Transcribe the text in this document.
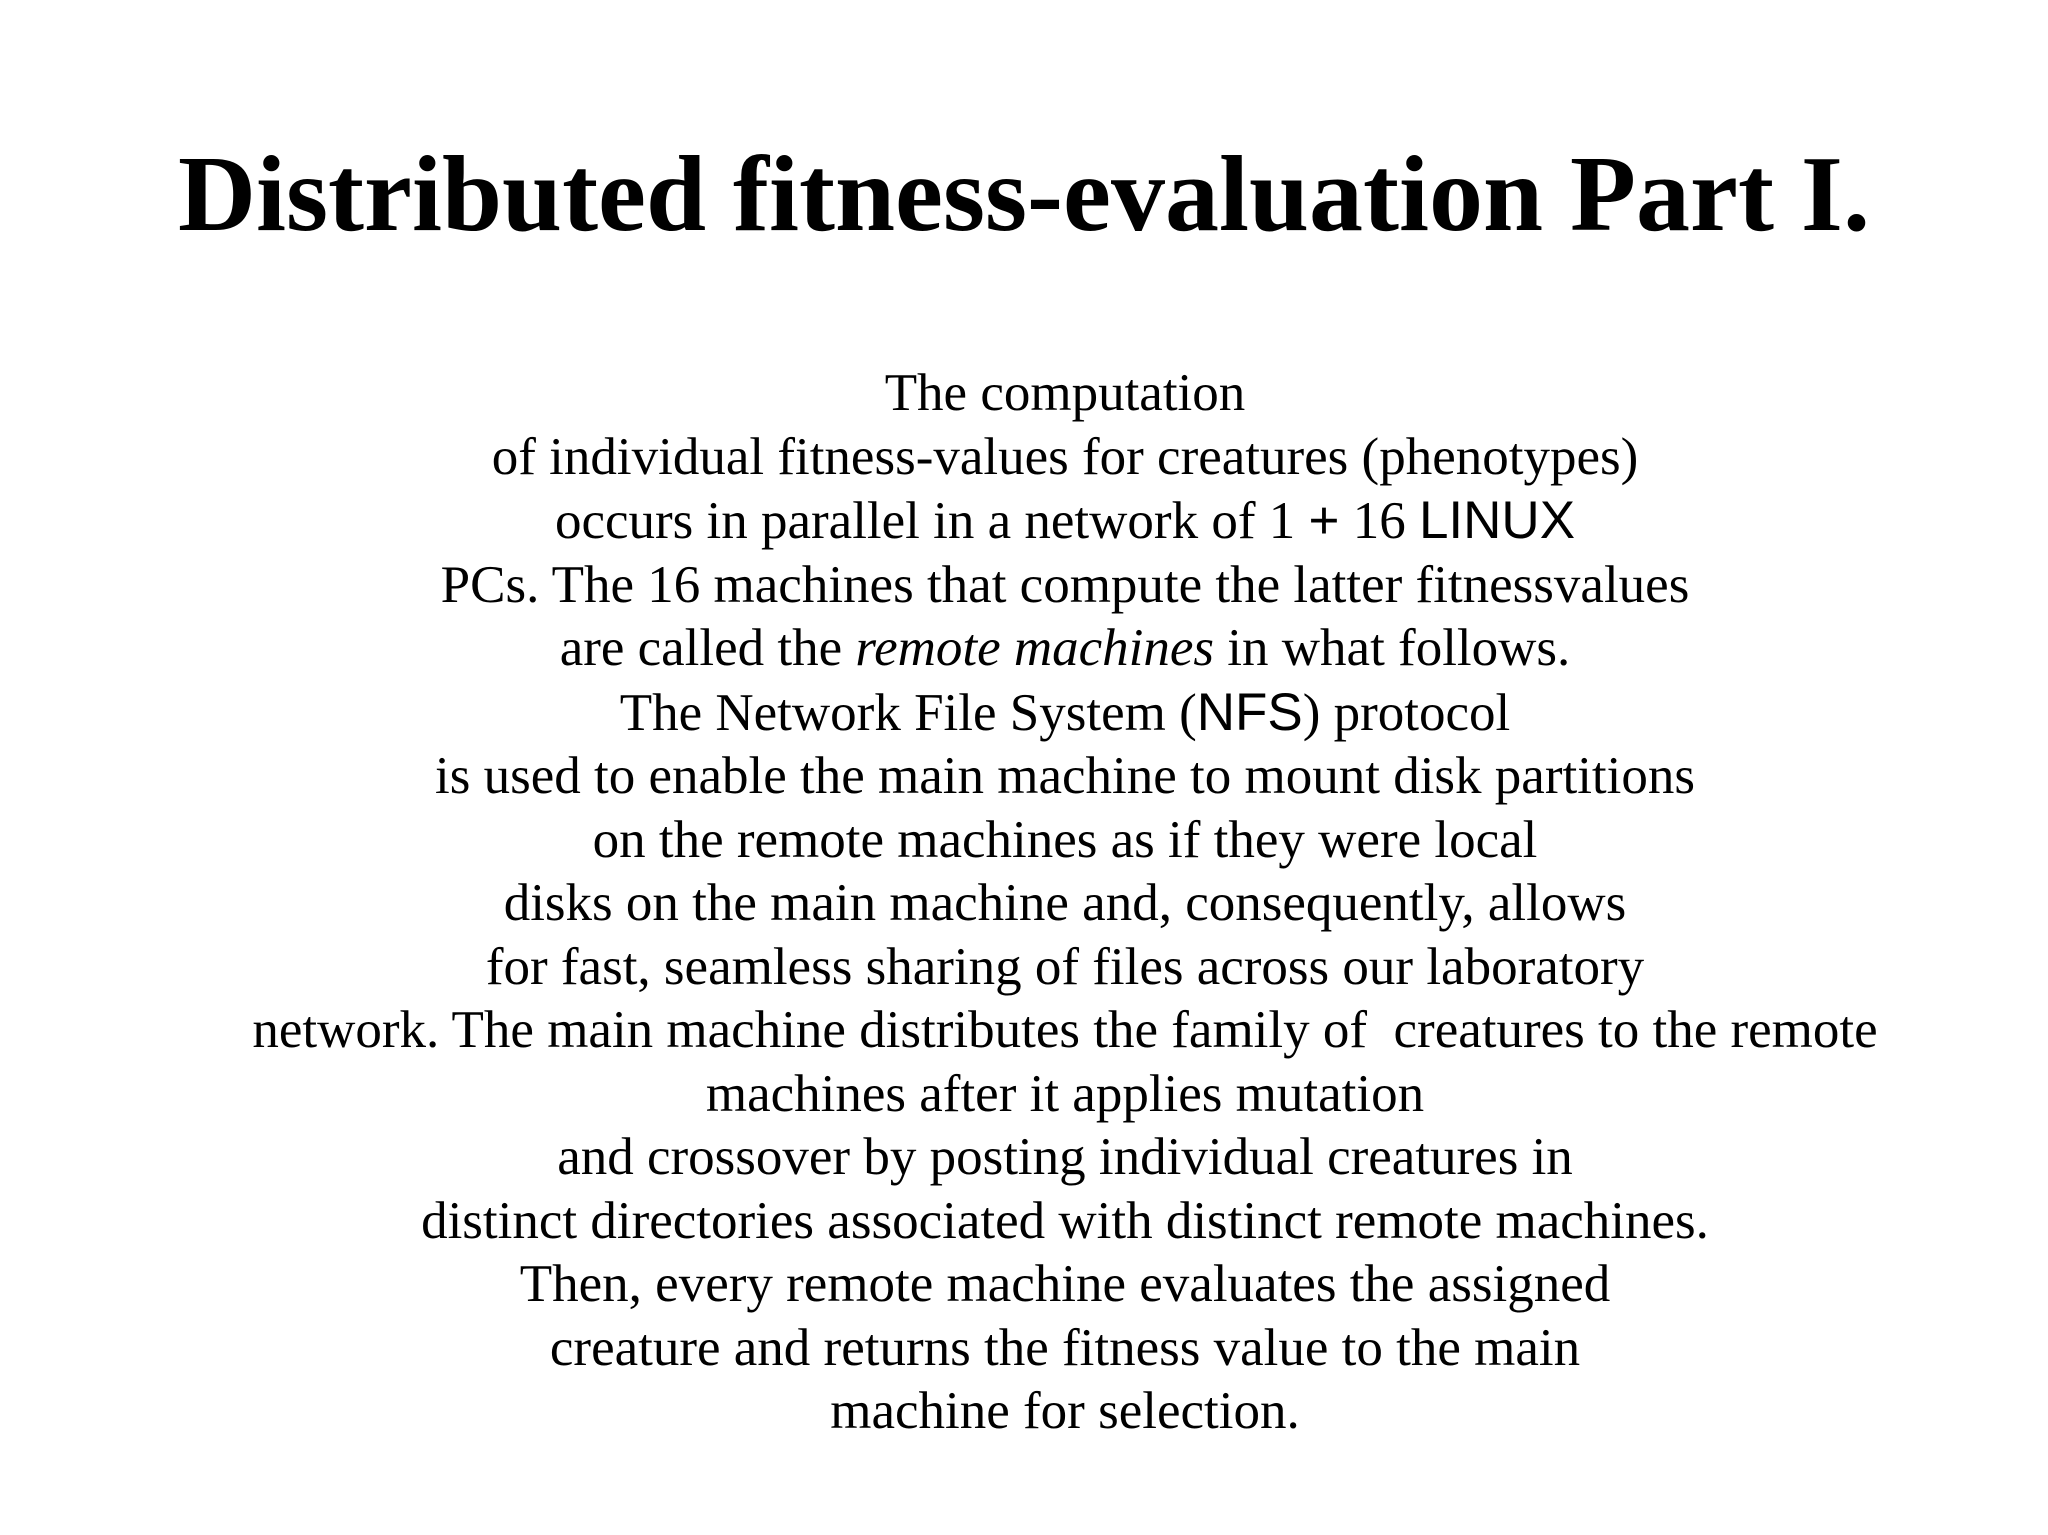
Distributed fitness-evaluation Part I.
The computation
of individual fitness-values for creatures (phenotypes)
occurs in parallel in a network of 1 + 16 LINUX
PCs. The 16 machines that compute the latter fitnessvalues
are called the remote machines in what follows.
The Network File System (NFS) protocol
is used to enable the main machine to mount disk partitions
on the remote machines as if they were local
disks on the main machine and, consequently, allows
for fast, seamless sharing of files across our laboratory
network. The main machine distributes the family of  creatures to the remote
machines after it applies mutation
and crossover by posting individual creatures in
distinct directories associated with distinct remote machines.
Then, every remote machine evaluates the assigned
creature and returns the fitness value to the main
machine for selection.
